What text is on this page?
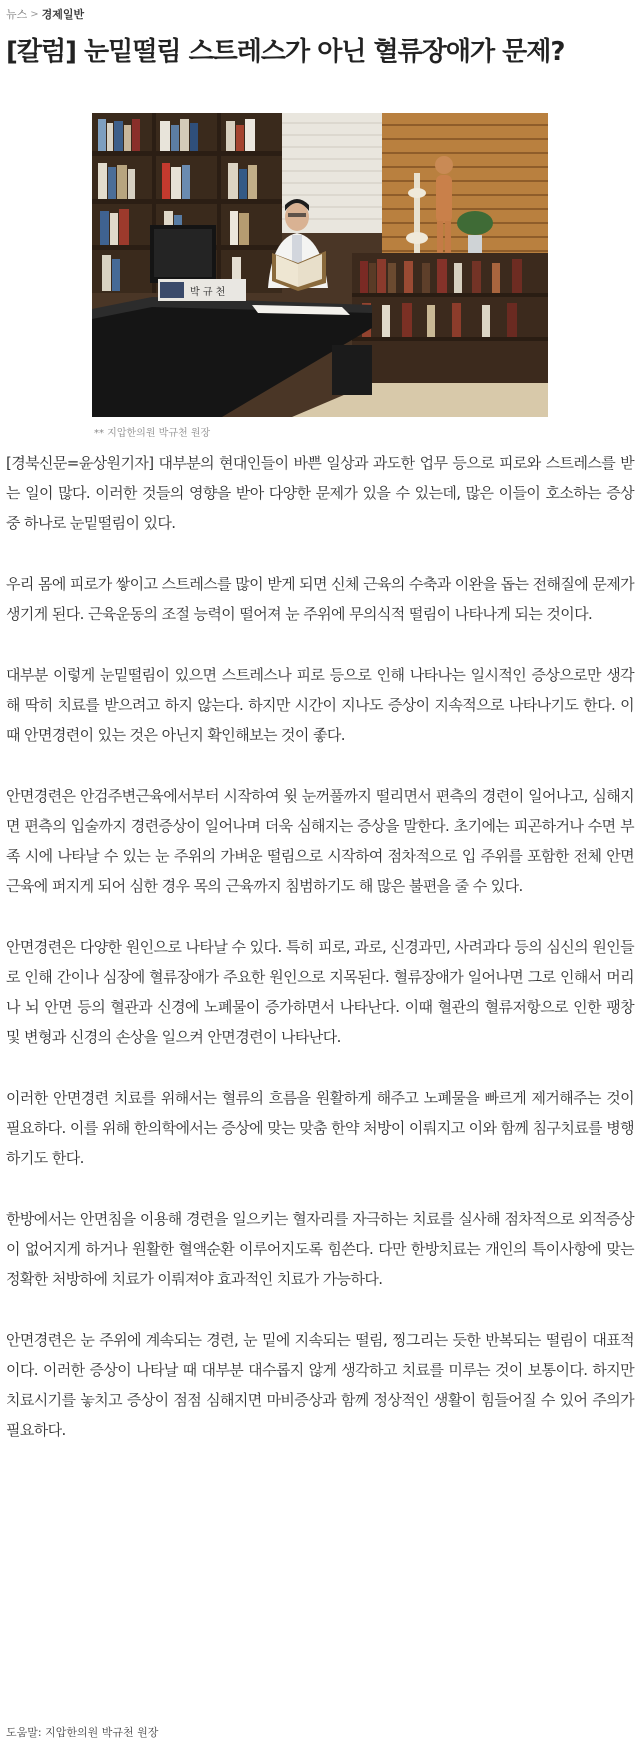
뉴스 > 경제일반
[칼럼] 눈밑떨림 스트레스가 아닌 혈류장애가 문제?
박 규 천
** 지압한의원 박규천 원장

[경북신문=윤상원기자] 대부분의 현대인들이 바쁜 일상과 과도한 업무 등으로 피로와 스트레스를 받는 일이 많다. 이러한 것들의 영향을 받아 다양한 문제가 있을 수 있는데, 많은 이들이 호소하는 증상 중 하나로 눈밑떨림이 있다.

우리 몸에 피로가 쌓이고 스트레스를 많이 받게 되면 신체 근육의 수축과 이완을 돕는 전해질에 문제가 생기게 된다. 근육운동의 조절 능력이 떨어져 눈 주위에 무의식적 떨림이 나타나게 되는 것이다.

대부분 이렇게 눈밑떨림이 있으면 스트레스나 피로 등으로 인해 나타나는 일시적인 증상으로만 생각해 딱히 치료를 받으려고 하지 않는다. 하지만 시간이 지나도 증상이 지속적으로 나타나기도 한다. 이때 안면경련이 있는 것은 아닌지 확인해보는 것이 좋다.

안면경련은 안검주변근육에서부터 시작하여 윗 눈꺼풀까지 떨리면서 편측의 경련이 일어나고, 심해지면 편측의 입술까지 경련증상이 일어나며 더욱 심해지는 증상을 말한다. 초기에는 피곤하거나 수면 부족 시에 나타날 수 있는 눈 주위의 가벼운 떨림으로 시작하여 점차적으로 입 주위를 포함한 전체 안면근육에 퍼지게 되어 심한 경우 목의 근육까지 침범하기도 해 많은 불편을 줄 수 있다.

안면경련은 다양한 원인으로 나타날 수 있다. 특히 피로, 과로, 신경과민, 사려과다 등의 심신의 원인들로 인해 간이나 심장에 혈류장애가 주요한 원인으로 지목된다. 혈류장애가 일어나면 그로 인해서 머리나 뇌 안면 등의 혈관과 신경에 노폐물이 증가하면서 나타난다. 이때 혈관의 혈류저항으로 인한 팽창 및 변형과 신경의 손상을 일으켜 안면경련이 나타난다.

이러한 안면경련 치료를 위해서는 혈류의 흐름을 원활하게 해주고 노폐물을 빠르게 제거해주는 것이 필요하다. 이를 위해 한의학에서는 증상에 맞는 맞춤 한약 처방이 이뤄지고 이와 함께 침구치료를 병행하기도 한다.

한방에서는 안면침을 이용해 경련을 일으키는 혈자리를 자극하는 치료를 실사해 점차적으로 외적증상이 없어지게 하거나 원활한 혈액순환 이루어지도록 힘쓴다. 다만 한방치료는 개인의 특이사항에 맞는 정확한 처방하에 치료가 이뤄져야 효과적인 치료가 가능하다.

안면경련은 눈 주위에 계속되는 경련, 눈 밑에 지속되는 떨림, 찡그리는 듯한 반복되는 떨림이 대표적이다. 이러한 증상이 나타날 때 대부분 대수롭지 않게 생각하고 치료를 미루는 것이 보통이다. 하지만 치료시기를 놓치고 증상이 점점 심해지면 마비증상과 함께 정상적인 생활이 힘들어질 수 있어 주의가 필요하다.

도움말: 지압한의원 박규천 원장
